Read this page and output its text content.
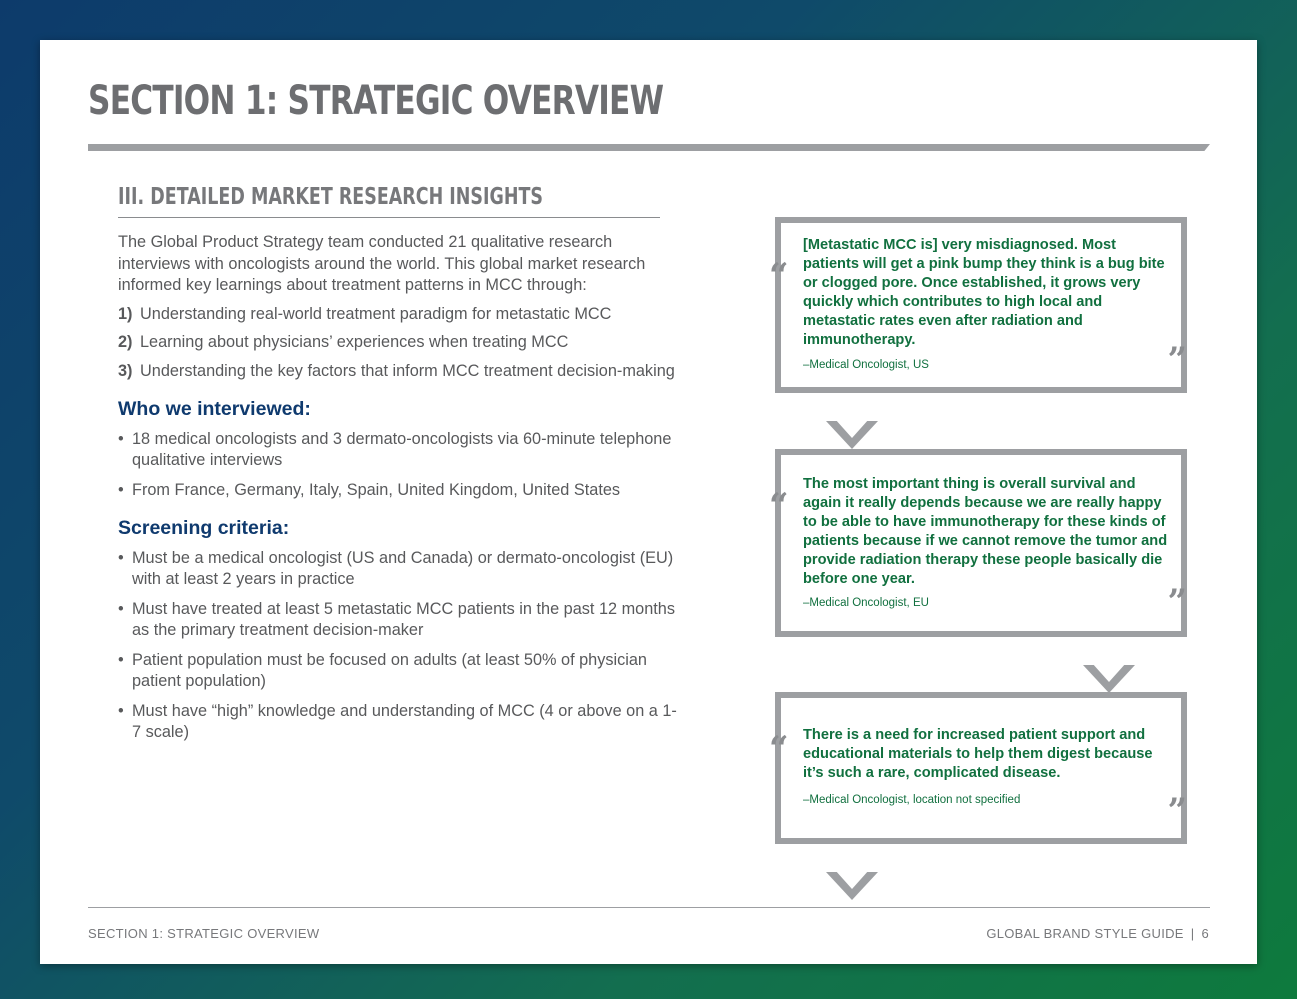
SECTION 1: STRATEGIC OVERVIEW
III. DETAILED MARKET RESEARCH INSIGHTS

The Global Product Strategy team conducted 21 qualitative research interviews with oncologists around the world. This global market research informed key learnings about treatment patterns in MCC through:

1) Understanding real-world treatment paradigm for metastatic MCC
2) Learning about physicians’ experiences when treating MCC
3) Understanding the key factors that inform MCC treatment decision-making
Who we interviewed:
• 18 medical oncologists and 3 dermato-oncologists via 60-minute telephone qualitative interviews
• From France, Germany, Italy, Spain, United Kingdom, United States
Screening criteria:
• Must be a medical oncologist (US and Canada) or dermato-oncologist (EU) with at least 2 years in practice
• Must have treated at least 5 metastatic MCC patients in the past 12 months as the primary treatment decision-maker
• Patient population must be focused on adults (at least 50% of physician patient population)
• Must have “high” knowledge and understanding of MCC (4 or above on a 1-7 scale)
“

[Metastatic MCC is] very misdiagnosed. Most patients will get a pink bump they think is a bug bite or clogged pore. Once established, it grows very quickly which contributes to high local and metastatic rates even after radiation and immunotherapy.

–Medical Oncologist, US	”
“

The most important thing is overall survival and again it really depends because we are really happy to be able to have immunotherapy for these kinds of patients because if we cannot remove the tumor and provide radiation therapy these people basically die before one year.

–Medical Oncologist, EU	”
“ There is a need for increased patient support and educational materials to help them digest because it’s such a rare, complicated disease.

–Medical Oncologist, location not specified	”
SECTION 1: STRATEGIC OVERVIEW	GLOBAL BRAND STYLE GUIDE | 6
